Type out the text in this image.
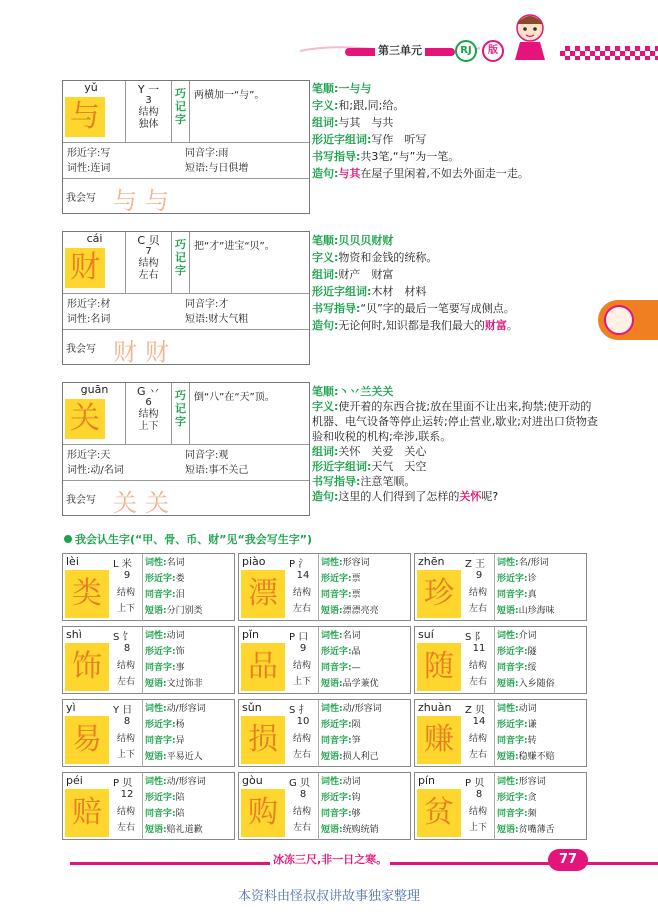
第三单元	RJ	版
yǔ
与
Y 一
3
结构
独体
巧记字
两横加一“与”。
形近字:写	同音字:雨

词性:连词	短语:与日俱增
我会写 与与
笔顺:一与与
字义:和;跟,同;给。
组词:与其　与共
形近字组词:写作　听写
书写指导:共3笔,“与”为一笔。
造句:与其在屋子里闲着,不如去外面走一走。
cái
财
C 贝
7
结构
左右
巧记字
把“才”进宝“贝”。
形近字:材	同音字:才

词性:名词	短语:财大气粗
我会写 财财
笔顺:贝贝贝财财
字义:物资和金钱的统称。
组词:财产　财富
形近字组词:木材　材料
书写指导:“贝”字的最后一笔要写成侧点。
造句:无论何时,知识都是我们最大的财富。
guān
关
G 丷
6
结构
上下
巧记字
倒“八”在“天”顶。
形近字:天	同音字:观

词性:动/名词	短语:事不关己
我会写 关关
笔顺:丶丷兰关关
字义:使开着的东西合拢;放在里面不让出来,拘禁;使开动的机器、电气设备等停止运转;停止营业,歇业;对进出口货物查验和收税的机构;牵涉,联系。
组词:关怀　关爱　关心
形近字组词:天气　天空
书写指导:注意笔顺。
造句:这里的人们得到了怎样的关怀呢?
我会认生字(“甲、骨、币、财”见“我会写生字”)
lèi	L 米
类
9
结构
上下
词性:名词
形近字:娄
同音字:泪
短语:分门别类
piào P 氵
漂
14
结构
左右
词性:形容词
形近字:票
同音字:票
短语:漂漂亮亮
zhēn Z 王
珍
9
结构
左右
词性:名/形词
形近字:诊
同音字:真
短语:山珍海味
shì	S 饣
饰
8
结构
左右
词性:动词
形近字:饰
同音字:事
短语:文过饰非
pǐn	P 口
品
9
结构
上下
词性:名词
形近字:晶
同音字:—
短语:品学兼优
suí	S 阝
随
11
结构
左右
词性:介词
形近字:隧
同音字:绥
短语:入乡随俗
yì	Y 日
易
8
结构
上下
词性:动/形容词
形近字:杨
同音字:异
短语:平易近人
sǔn	S 扌
损
10
结构
左右
词性:动/形容词
形近字:陨
同音字:笋
短语:损人利己
zhuàn Z 贝
赚
14
结构
左右
词性:动词
形近字:谦
同音字:转
短语:稳赚不赔
péi	P 贝
赔
12
结构
左右
词性:动/形容词
形近字:陪
同音字:陪
短语:赔礼道歉
gòu	G 贝
购
8
结构
左右
词性:动词
形近字:钩
同音字:够
短语:统购统销
pín	P 贝
贫
8
结构
上下
词性:形容词
形近字:贪
同音字:频
短语:贫嘴薄舌
冰冻三尺,非一日之寒。	77
本资料由怪叔叔讲故事独家整理
